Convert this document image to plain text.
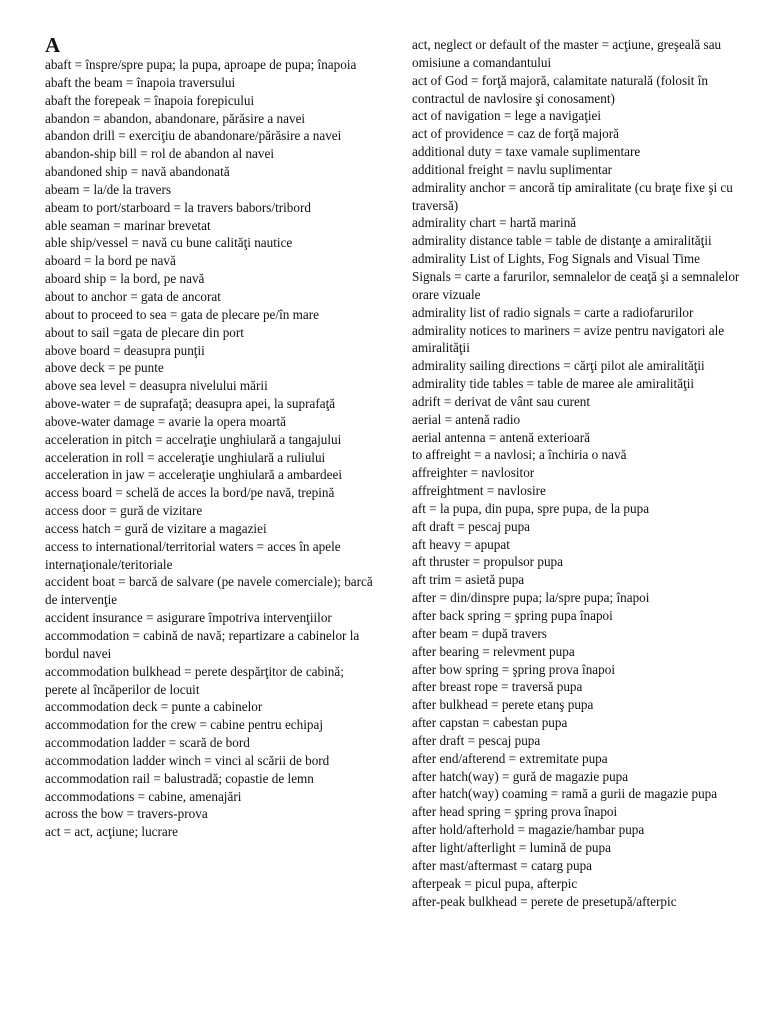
A

abaft = înspre/spre pupa; la pupa, aproape de pupa; înapoia

abaft the beam = înapoia traversului

abaft the forepeak = înapoia forepicului

abandon = abandon, abandonare, părăsire a navei

abandon drill = exerciţiu de abandonare/părăsire a navei

abandon-ship bill = rol de abandon al navei

abandoned ship = navă abandonată

abeam = la/de la travers

abeam to port/starboard = la travers babors/tribord

able seaman = marinar brevetat

able ship/vessel = navă cu bune calităţi nautice

aboard = la bord pe navă

aboard ship = la bord, pe navă

about to anchor = gata de ancorat

about to proceed to sea = gata de plecare pe/în mare

about to sail =gata de plecare din port

above board = deasupra punţii

above deck = pe punte

above sea level = deasupra nivelului mării

above-water = de suprafaţă; deasupra apei, la suprafaţă

above-water damage = avarie la opera moartă

acceleration in pitch = accelraţie unghiulară a tangajului

acceleration in roll = acceleraţie unghiulară a ruliului

acceleration in jaw = acceleraţie unghiulară a ambardeei

access board = schelă de acces la bord/pe navă, trepină

access door = gură de vizitare

access hatch = gură de vizitare a magaziei

access to international/territorial waters = acces în apele internaţionale/teritoriale

accident boat = barcă de salvare (pe navele comerciale); barcă de intervenţie

accident insurance = asigurare împotriva intervenţiilor

accommodation = cabină de navă; repartizare a cabinelor la bordul navei

accommodation bulkhead = perete despărţitor de cabină; perete al încăperilor de locuit

accommodation deck = punte a cabinelor

accommodation for the crew = cabine pentru echipaj

accommodation ladder = scară de bord

accommodation ladder winch = vinci al scării de bord

accommodation rail = balustradă; copastie de lemn

accommodations = cabine, amenajări

across the bow = travers-prova

act = act, acţiune; lucrare

act, neglect or default of the master = acţiune, greşeală sau omisiune a comandantului

act of God = forţă majoră, calamitate naturală (folosit în contractul de navlosire şi conosament)

act of navigation = lege a navigaţiei

act of providence = caz de forţă majoră

additional duty = taxe vamale suplimentare

additional freight = navlu suplimentar

admirality anchor = ancoră tip amiralitate (cu braţe fixe şi cu traversă)

admirality chart = hartă marină

admirality distance table = table de distanţe a amiralităţii

admirality List of Lights, Fog Signals and Visual Time Signals = carte a farurilor, semnalelor de ceaţă şi a semnalelor orare vizuale

admirality list of radio signals = carte a radiofarurilor

admirality notices to mariners = avize pentru navigatori ale amiralităţii

admirality sailing directions = cărţi pilot ale amiralităţii

admirality tide tables = table de maree ale amiralităţii

adrift = derivat de vânt sau curent

aerial = antenă radio

aerial antenna = antenă exterioară

to affreight = a navlosi; a închiria o navă

affreighter = navlositor

affreightment = navlosire

aft = la pupa, din pupa, spre pupa, de la pupa

aft draft = pescaj pupa

aft heavy = apupat

aft thruster = propulsor pupa

aft trim = asietă pupa

after = din/dinspre pupa; la/spre pupa; înapoi

after back spring = şpring pupa înapoi

after beam = după travers

after bearing = relevment pupa

after bow spring = şpring prova înapoi

after breast rope = traversă pupa

after bulkhead = perete etanş pupa

after capstan = cabestan pupa

after draft = pescaj pupa

after end/afterend = extremitate pupa

after hatch(way) = gură de magazie pupa

after hatch(way) coaming = ramă a gurii de magazie pupa

after head spring = şpring prova înapoi

after hold/afterhold = magazie/hambar pupa

after light/afterlight = lumină de pupa

after mast/aftermast = catarg pupa

afterpeak = picul pupa, afterpic

after-peak bulkhead = perete de presetupă/afterpic
